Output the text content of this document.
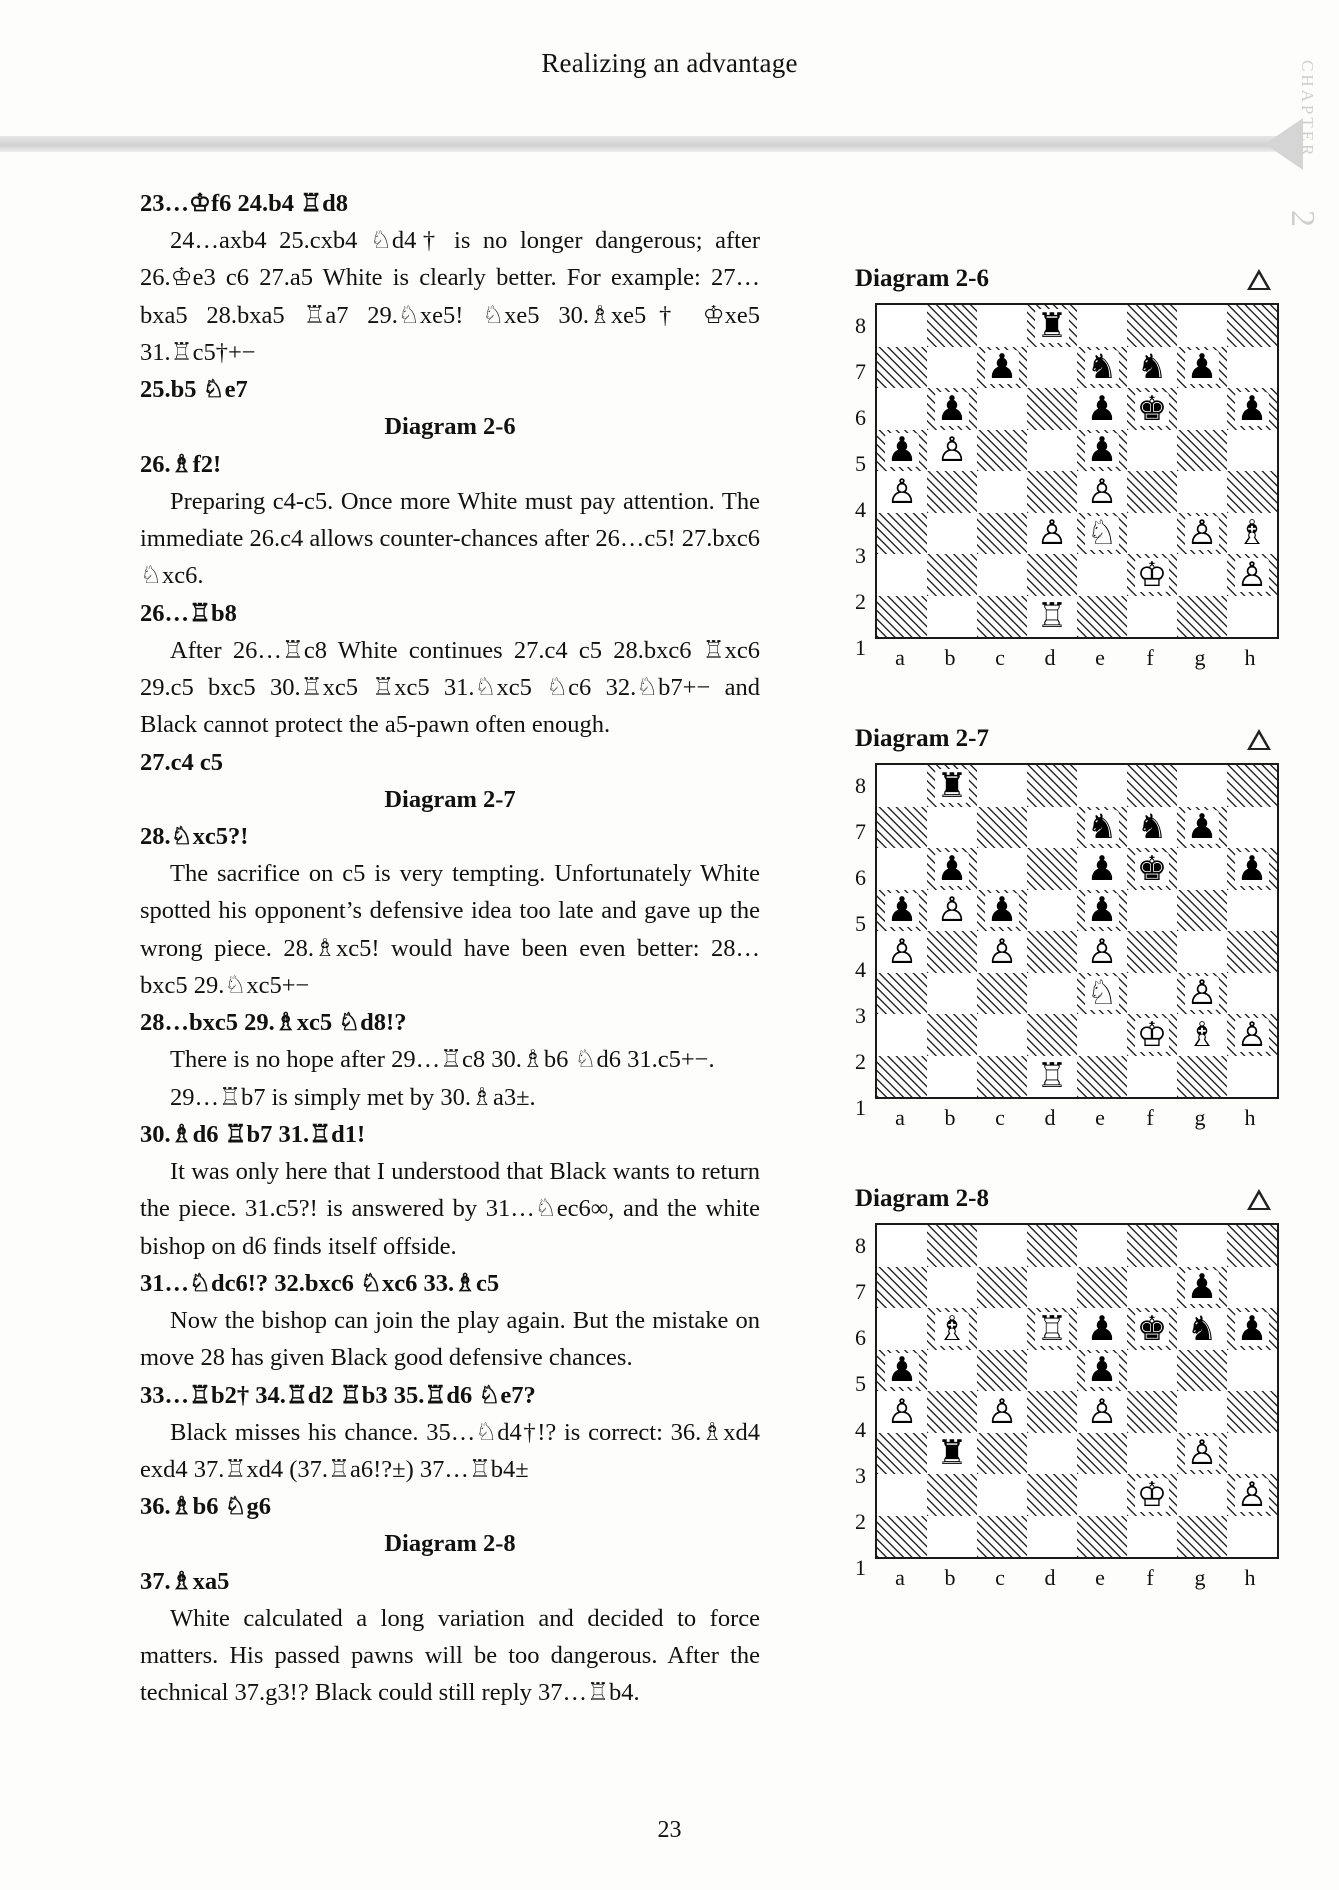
Realizing an advantage	CHAPTER
2

23…♔f6 24.b4 ♖d8

24…axb4 25.cxb4 ♘d4† is no longer dangerous; after 26.♔e3 c6 27.a5 White is clearly better. For example: 27…bxa5 28.bxa5 ♖a7 29.♘xe5! ♘xe5 30.♗xe5† ♔xe5 31.♖c5†+−

25.b5 ♘e7

Diagram 2-6

26.♗f2!

Preparing c4-c5. Once more White must pay attention. The immediate 26.c4 allows counter-chances after 26…c5! 27.bxc6 ♘xc6.

26…♖b8

After 26…♖c8 White continues 27.c4 c5 28.bxc6 ♖xc6 29.c5 bxc5 30.♖xc5 ♖xc5 31.♘xc5 ♘c6 32.♘b7+− and Black cannot protect the a5-pawn often enough.

27.c4 c5

Diagram 2-7

28.♘xc5?!

The sacrifice on c5 is very tempting. Unfortunately White spotted his opponent’s defensive idea too late and gave up the wrong piece. 28.♗xc5! would have been even better: 28…bxc5 29.♘xc5+−

28…bxc5 29.♗xc5 ♘d8!?

There is no hope after 29…♖c8 30.♗b6 ♘d6 31.c5+−.

29…♖b7 is simply met by 30.♗a3±.

30.♗d6 ♖b7 31.♖d1!

It was only here that I understood that Black wants to return the piece. 31.c5?! is answered by 31…♘ec6∞, and the white bishop on d6 finds itself offside.

31…♘dc6!? 32.bxc6 ♘xc6 33.♗c5

Now the bishop can join the play again. But the mistake on move 28 has given Black good defensive chances.

33…♖b2† 34.♖d2 ♖b3 35.♖d6 ♘e7?

Black misses his chance. 35…♘d4†!? is correct: 36.♗xd4 exd4 37.♖xd4 (37.♖a6!?±) 37…♖b4±

36.♗b6 ♘g6

Diagram 2-8

37.♗xa5

White calculated a long variation and decided to force matters. His passed pawns will be too dangerous. After the technical 37.g3!? Black could still reply 37…♖b4.

Diagram 2-6
8
7
6
5
4
3
2
1
♜
♟ ♞ ♞ ♟
♟	♟ ♚ ♟
♟ ♙	♟
♙	♙
♙ ♘ ♙ ♗
♔ ♙
♖
a	b	c	d	e	f	g	h
Diagram 2-7
8
7
6
5
4
3
2
1
♜
♞ ♞ ♟
♟	♟ ♚ ♟
♟ ♙ ♟ ♟
♙ ♙ ♙
♘ ♙
♔ ♗ ♙
♖
a	b	c	d	e	f	g	h
Diagram 2-8
8
7
6
5
4
3
2
1
♟
♗ ♖ ♟ ♚ ♞ ♟
♟	♟
♙ ♙ ♙
♜	♙
♔ ♙
a	b	c	d	e	f	g	h
23
